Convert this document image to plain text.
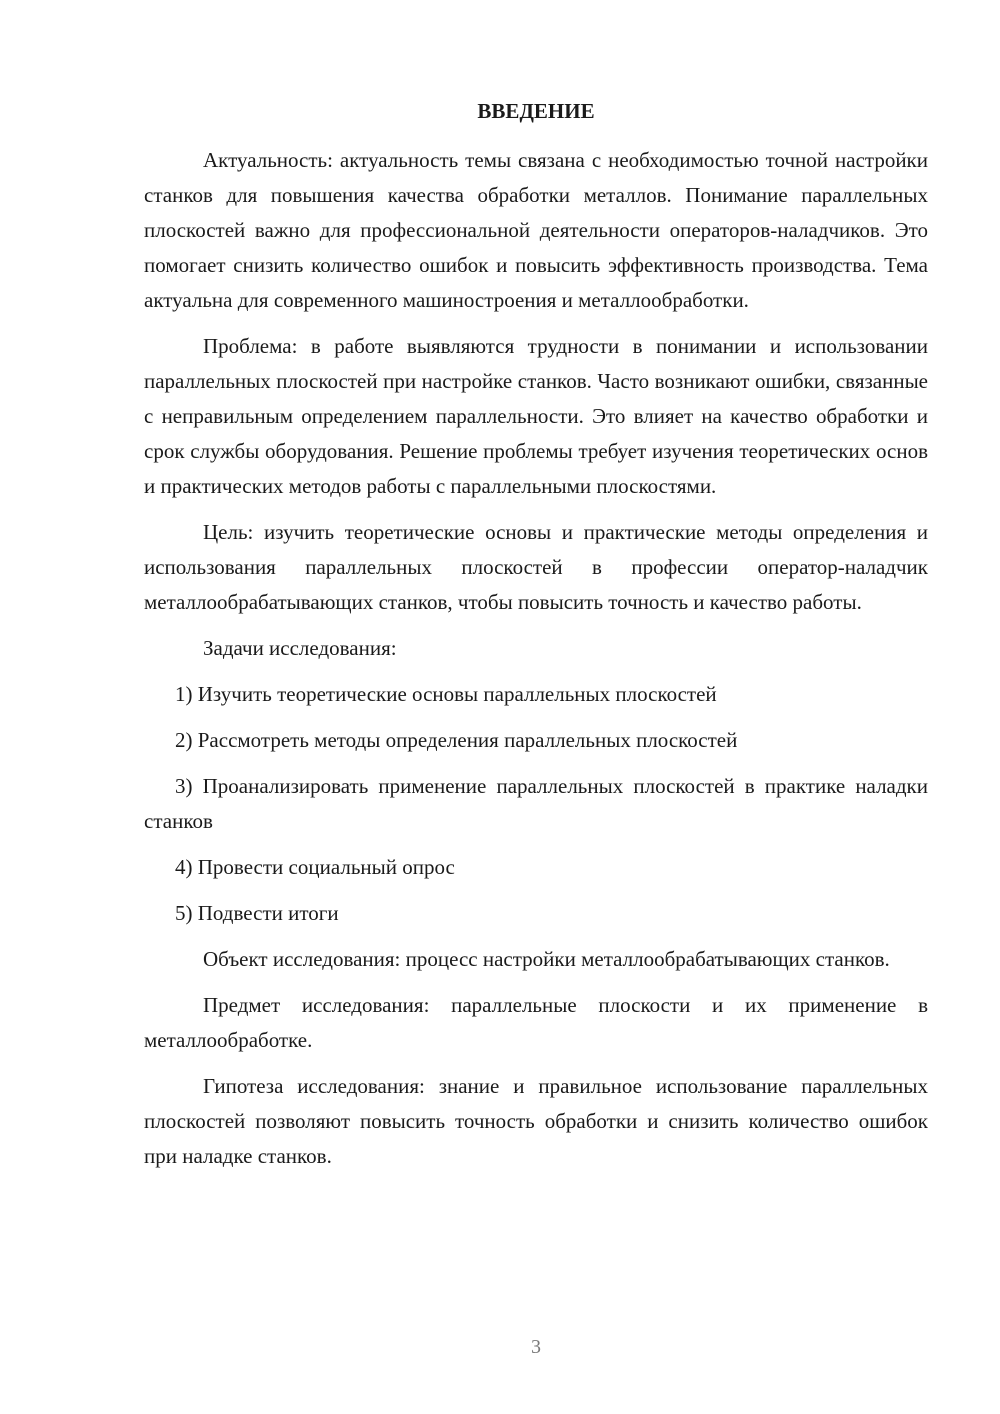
ВВЕДЕНИЕ

Актуальность: актуальность темы связана с необходимостью точной настройки станков для повышения качества обработки металлов. Понимание параллельных плоскостей важно для профессиональной деятельности операторов-наладчиков. Это помогает снизить количество ошибок и повысить эффективность производства. Тема актуальна для современного машиностроения и металлообработки.

Проблема: в работе выявляются трудности в понимании и использовании параллельных плоскостей при настройке станков. Часто возникают ошибки, связанные с неправильным определением параллельности. Это влияет на качество обработки и срок службы оборудования. Решение проблемы требует изучения теоретических основ и практических методов работы с параллельными плоскостями.

Цель: изучить теоретические основы и практические методы определения и использования параллельных плоскостей в профессии оператор-наладчик металлообрабатывающих станков, чтобы повысить точность и качество работы.

Задачи исследования:

1) Изучить теоретические основы параллельных плоскостей

2) Рассмотреть методы определения параллельных плоскостей

3) Проанализировать применение параллельных плоскостей в практике наладки станков

4) Провести социальный опрос

5) Подвести итоги

Объект исследования: процесс настройки металлообрабатывающих станков.

Предмет исследования: параллельные плоскости и их применение в металлообработке.

Гипотеза исследования: знание и правильное использование параллельных плоскостей позволяют повысить точность обработки и снизить количество ошибок при наладке станков.

3
